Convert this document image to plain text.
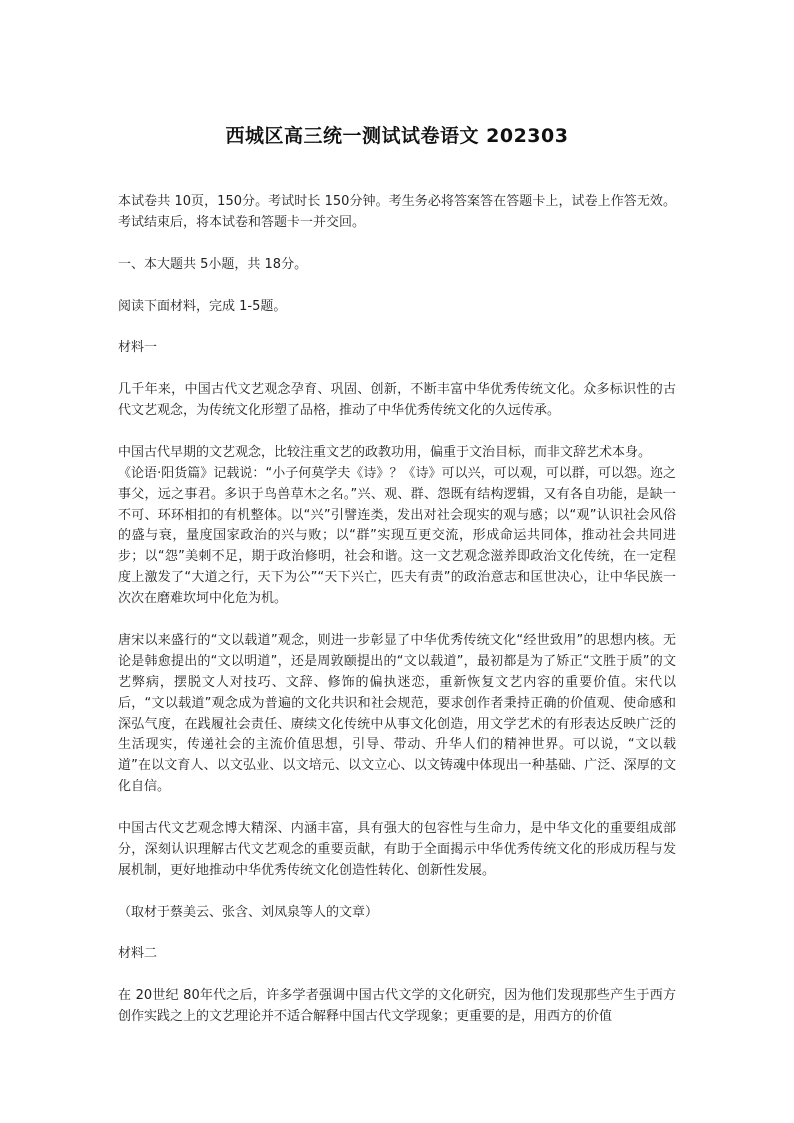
西城区高三统一测试试卷语文 202303

本试卷共 10页，150分。考试时长 150分钟。考生务必将答案答在答题卡上，试卷上作答无效。考试结束后，将本试卷和答题卡一并交回。

一、本大题共 5小题，共 18分。

阅读下面材料，完成 1-5题。

材料一

几千年来，中国古代文艺观念孕育、巩固、创新，不断丰富中华优秀传统文化。众多标识性的古代文艺观念，为传统文化形塑了品格，推动了中华优秀传统文化的久远传承。

中国古代早期的文艺观念，比较注重文艺的政教功用，偏重于文治目标，而非文辞艺术本身。

《论语·阳货篇》记载说：“小子何莫学夫《诗》？《诗》可以兴，可以观，可以群，可以怨。迩之事父，远之事君。多识于鸟兽草木之名。”兴、观、群、怨既有结构逻辑，又有各自功能，是缺一不可、环环相扣的有机整体。以“兴”引譬连类，发出对社会现实的观与感；以“观”认识社会风俗的盛与衰，量度国家政治的兴与败；以“群”实现互更交流，形成命运共同体，推动社会共同进步；以“怨”美刺不足，期于政治修明，社会和谐。这一文艺观念滋养即政治文化传统，在一定程度上激发了“大道之行，天下为公”“天下兴亡，匹夫有责”的政治意志和匡世决心，让中华民族一次次在磨难坎坷中化危为机。

唐宋以来盛行的“文以载道”观念，则进一步彰显了中华优秀传统文化“经世致用”的思想内核。无论是韩愈提出的“文以明道”，还是周敦颐提出的“文以载道”，最初都是为了矫正“文胜于质”的文艺弊病，摆脱文人对技巧、文辞、修饰的偏执迷恋，重新恢复文艺内容的重要价值。宋代以后，“文以载道”观念成为普遍的文化共识和社会规范，要求创作者秉持正确的价值观、使命感和深弘气度，在践履社会责任、赓续文化传统中从事文化创造，用文学艺术的有形表达反映广泛的生活现实，传递社会的主流价值思想，引导、带动、升华人们的精神世界。可以说，“文以载道”在以文育人、以文弘业、以文培元、以文立心、以文铸魂中体现出一种基础、广泛、深厚的文化自信。

中国古代文艺观念博大精深、内涵丰富，具有强大的包容性与生命力，是中华文化的重要组成部分，深刻认识理解古代文艺观念的重要贡献，有助于全面揭示中华优秀传统文化的形成历程与发展机制，更好地推动中华优秀传统文化创造性转化、创新性发展。

（取材于蔡美云、张含、刘凤泉等人的文章）

材料二

在 20世纪 80年代之后，许多学者强调中国古代文学的文化研究，因为他们发现那些产生于西方创作实践之上的文艺理论并不适合解释中国古代文学现象；更重要的是，用西方的价值
